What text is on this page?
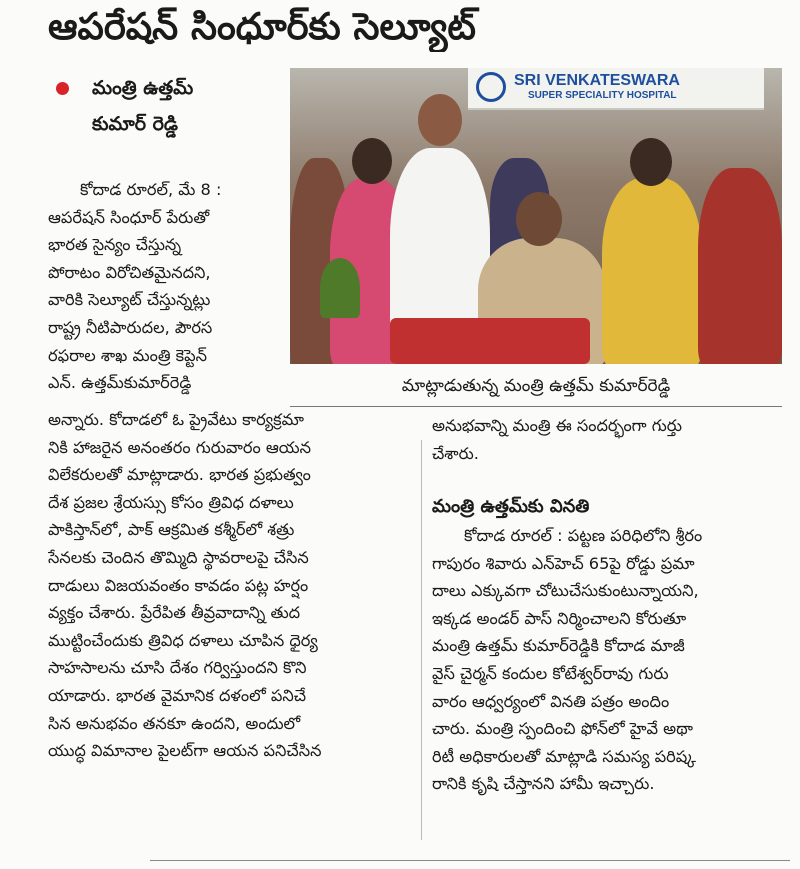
ఆపరేషన్ సింధూర్‌కు సెల్యూట్
మంత్రి ఉత్తమ్
కుమార్ రెడ్డి
SRI VENKATESWARA
SUPER SPECIALITY HOSPITAL
మాట్లాడుతున్న మంత్రి ఉత్తమ్ కుమార్‌రెడ్డి
కోదాడ రూరల్, మే 8 :
ఆపరేషన్ సింధూర్ పేరుతో
భారత సైన్యం చేస్తున్న
పోరాటం విరోచితమైనదని,
వారికి సెల్యూట్ చేస్తున్నట్లు
రాష్ట్ర నీటిపారుదల, పౌరస
రఫరాల శాఖ మంత్రి కెప్టెన్
ఎన్. ఉత్తమ్‌కుమార్‌రెడ్డి
అన్నారు. కోదాడలో ఓ ప్రైవేటు కార్యక్రమా
నికి హాజరైన అనంతరం గురువారం ఆయన
విలేకరులతో మాట్లాడారు. భారత ప్రభుత్వం
దేశ ప్రజల శ్రేయస్సు కోసం త్రివిధ దళాలు
పాకిస్తాన్‌లో, పాక్ ఆక్రమిత కశ్మీర్‌లో శత్రు
సేనలకు చెందిన తొమ్మిది స్థావరాలపై చేసిన
దాడులు విజయవంతం కావడం పట్ల హర్షం
వ్యక్తం చేశారు. ప్రేరేపిత తీవ్రవాదాన్ని తుద
ముట్టించేందుకు త్రివిధ దళాలు చూపిన ధైర్య
సాహసాలను చూసి దేశం గర్విస్తుందని కొని
యాడారు. భారత వైమానిక దళంలో పనిచే
సిన అనుభవం తనకూ ఉందని, అందులో
యుద్ధ విమానాల పైలట్‌గా ఆయన పనిచేసిన
అనుభవాన్ని మంత్రి ఈ సందర్భంగా గుర్తు
చేశారు.
మంత్రి ఉత్తమ్‌కు వినతి
కోదాడ రూరల్ : పట్టణ పరిధిలోని శ్రీరం
గాపురం శివారు ఎన్‌హెచ్ 65పై రోడ్డు ప్రమా
దాలు ఎక్కువగా చోటుచేసుకుంటున్నాయని,
ఇక్కడ అండర్ పాస్ నిర్మించాలని కోరుతూ
మంత్రి ఉత్తమ్ కుమార్‌రెడ్డికి కోదాడ మాజీ
వైస్ చైర్మన్ కందుల కోటేశ్వర్‌రావు గురు
వారం ఆధ్వర్యంలో వినతి పత్రం అందిం
చారు. మంత్రి స్పందించి ఫోన్‌లో హైవే అథా
రిటీ అధికారులతో మాట్లాడి సమస్య పరిష్క
రానికి కృషి చేస్తానని హామీ ఇచ్చారు.
